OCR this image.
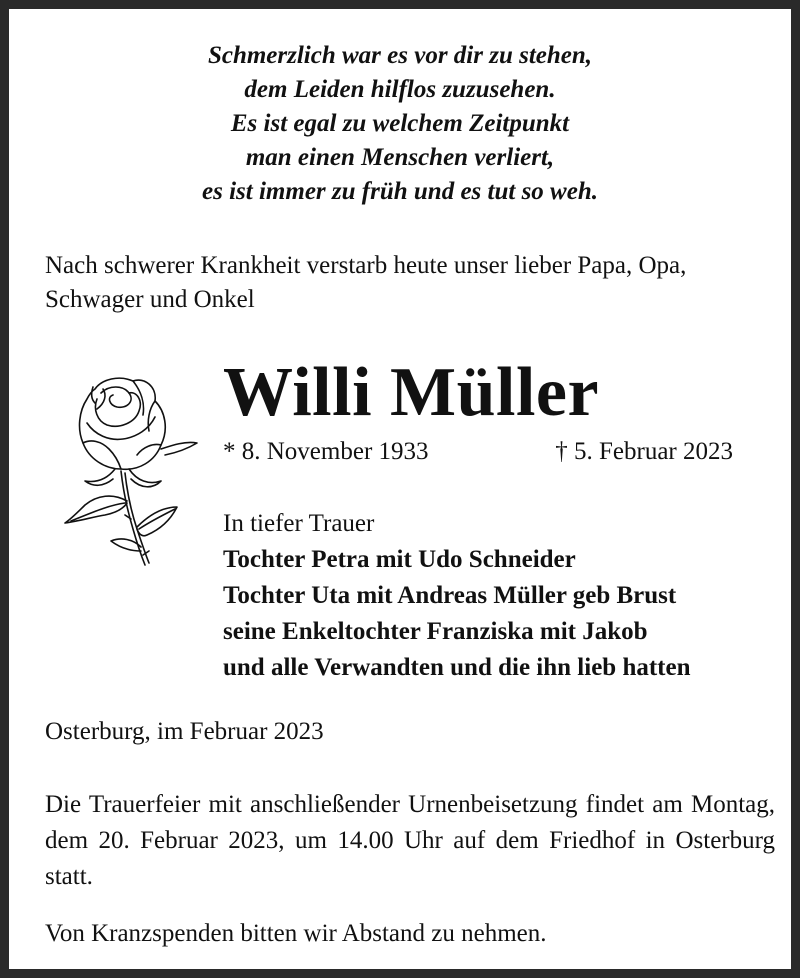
Schmerzlich war es vor dir zu stehen,
dem Leiden hilflos zuzusehen.
Es ist egal zu welchem Zeitpunkt
man einen Menschen verliert,
es ist immer zu früh und es tut so weh.
Nach schwerer Krankheit verstarb heute unser lieber Papa, Opa, Schwager und Onkel
Willi Müller
* 8. November 1933	† 5. Februar 2023
In tiefer Trauer
Tochter Petra mit Udo Schneider
Tochter Uta mit Andreas Müller geb Brust
seine Enkeltochter Franziska mit Jakob
und alle Verwandten und die ihn lieb hatten
Osterburg, im Februar 2023
Die Trauerfeier mit anschließender Urnenbeisetzung findet am Montag, dem 20. Februar 2023, um 14.00 Uhr auf dem Friedhof in Osterburg statt.
Von Kranzspenden bitten wir Abstand zu nehmen.
